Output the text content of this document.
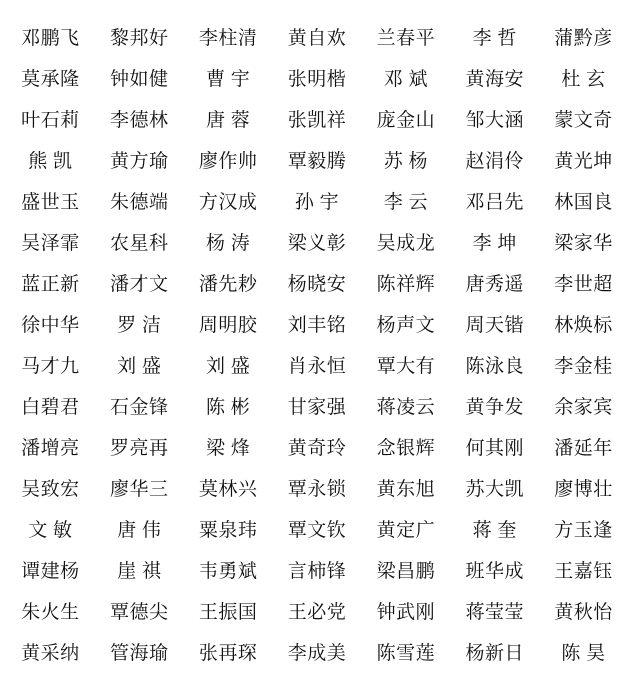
邓鹏飞	黎邦好	李柱清	黄自欢	兰春平	李 哲	蒲黔彦
莫承隆	钟如健	曹 宇	张明楷	邓 斌	黄海安	杜 玄
叶石莉	李德林	唐 蓉	张凯祥	庞金山	邹大涵	蒙文奇
熊 凯	黄方瑜	廖作帅	覃毅腾	苏 杨	赵涓伶	黄光坤
盛世玉	朱德端	方汉成	孙 宇	李 云	邓吕先	林国良
吴泽霏	农星科	杨 涛	梁义彰	吴成龙	李 坤	梁家华
蓝正新	潘才文	潘先耖	杨晓安	陈祥辉	唐秀遥	李世超
徐中华	罗 洁	周明胶	刘丰铭	杨声文	周天锴	林焕标
马才九	刘 盛	刘 盛	肖永恒	覃大有	陈泳良	李金桂
白碧君	石金锋	陈 彬	甘家强	蒋凌云	黄争发	余家宾
潘增亮	罗亮再	梁 烽	黄奇玲	念银辉	何其刚	潘延年
吴致宏	廖华三	莫林兴	覃永锁	黄东旭	苏大凯	廖博壮
文 敏	唐 伟	粟泉玮	覃文钦	黄定广	蒋 奎	方玉逢
谭建杨	崖 祺	韦勇斌	言柿锋	梁昌鹏	班华成	王嘉钰
朱火生	覃德尖	王振国	王必党	钟武刚	蒋莹莹	黄秋怡
黄采纳	管海瑜	张再琛	李成美	陈雪莲	杨新日	陈 昊
